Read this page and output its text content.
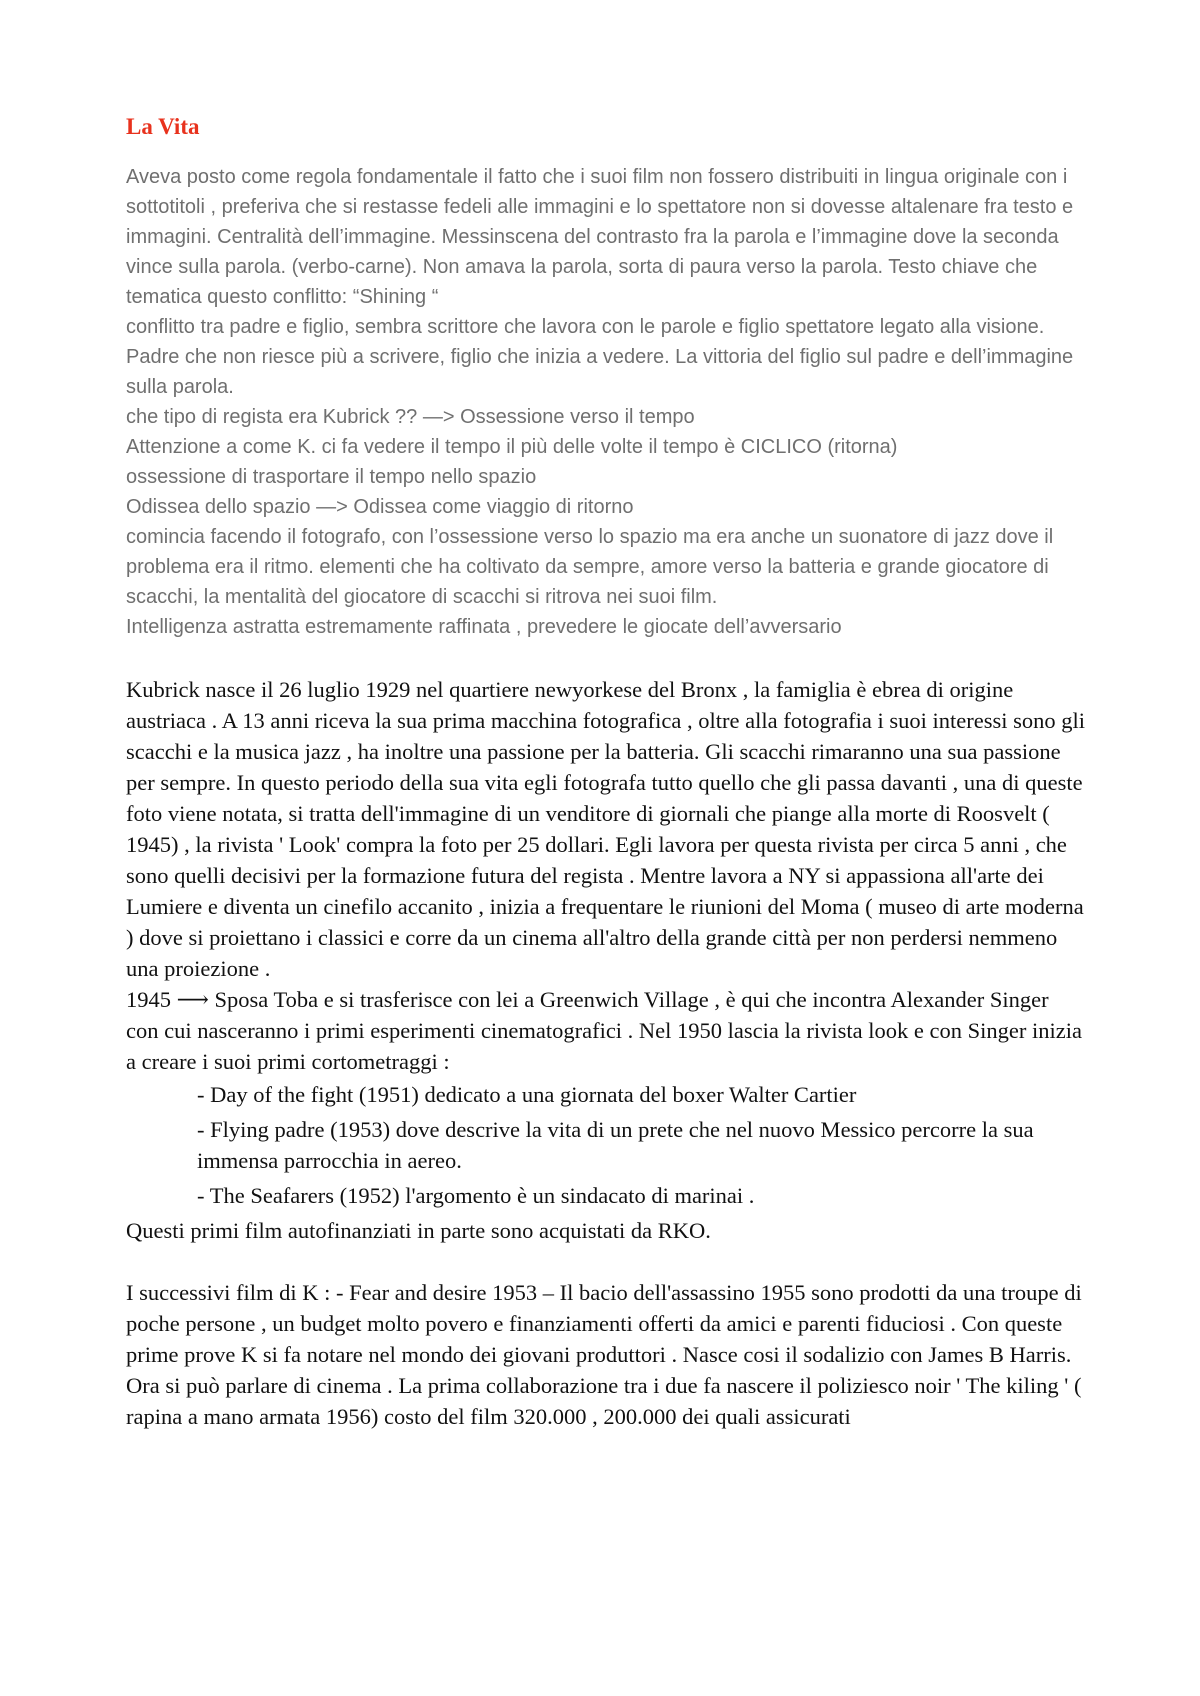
La Vita

Aveva posto come regola fondamentale il fatto che i suoi film non fossero distribuiti in lingua originale con i sottotitoli , preferiva che si restasse fedeli alle immagini e lo spettatore non si dovesse altalenare fra testo e immagini. Centralità dell’immagine. Messinscena del contrasto fra la parola e l’immagine dove la seconda vince sulla parola. (verbo-carne). Non amava la parola, sorta di paura verso la parola. Testo chiave che tematica questo conflitto: “Shining “

conflitto tra padre e figlio, sembra scrittore che lavora con le parole e figlio spettatore legato alla visione. Padre che non riesce più a scrivere, figlio che inizia a vedere. La vittoria del figlio sul padre e dell’immagine sulla parola.

che tipo di regista era Kubrick ?? —> Ossessione verso il tempo

Attenzione a come K. ci fa vedere il tempo il più delle volte il tempo è CICLICO (ritorna)

ossessione di trasportare il tempo nello spazio

Odissea dello spazio —> Odissea come viaggio di ritorno

comincia facendo il fotografo, con l’ossessione verso lo spazio ma era anche un suonatore di jazz dove il problema era il ritmo. elementi che ha coltivato da sempre, amore verso la batteria e grande giocatore di scacchi, la mentalità del giocatore di scacchi si ritrova nei suoi film.

Intelligenza astratta estremamente raffinata , prevedere le giocate dell’avversario

Kubrick nasce il 26 luglio 1929 nel quartiere newyorkese del Bronx , la famiglia è ebrea di origine austriaca . A 13 anni riceva la sua prima macchina fotografica , oltre alla fotografia i suoi interessi sono gli scacchi e la musica jazz , ha inoltre una passione per la batteria. Gli scacchi rimaranno una sua passione per sempre. In questo periodo della sua vita egli fotografa tutto quello che gli passa davanti , una di queste foto viene notata, si tratta dell'immagine di un venditore di giornali che piange alla morte di Roosvelt ( 1945) , la rivista ' Look' compra la foto per 25 dollari. Egli lavora per questa rivista per circa 5 anni , che sono quelli decisivi per la formazione futura del regista . Mentre lavora a NY si appassiona all'arte dei Lumiere e diventa un cinefilo accanito , inizia a frequentare le riunioni del Moma ( museo di arte moderna ) dove si proiettano i classici e corre da un cinema all'altro della grande città per non perdersi nemmeno una proiezione .

1945 ⟶ Sposa Toba e si trasferisce con lei a Greenwich Village , è qui che incontra Alexander Singer con cui nasceranno i primi esperimenti cinematografici . Nel 1950 lascia la rivista look e con Singer inizia a creare i suoi primi cortometraggi :

- Day of the fight (1951) dedicato a una giornata del boxer Walter Cartier
- Flying padre (1953) dove descrive la vita di un prete che nel nuovo Messico percorre la sua immensa parrocchia in aereo.
- The Seafarers (1952) l'argomento è un sindacato di marinai .

Questi primi film autofinanziati in parte sono acquistati da RKO.

I successivi film di K : - Fear and desire 1953 – Il bacio dell'assassino 1955 sono prodotti da una troupe di poche persone , un budget molto povero e finanziamenti offerti da amici e parenti fiduciosi . Con queste prime prove K si fa notare nel mondo dei giovani produttori . Nasce cosi il sodalizio con James B Harris. Ora si può parlare di cinema . La prima collaborazione tra i due fa nascere il poliziesco noir ' The kiling ' ( rapina a mano armata 1956) costo del film 320.000 , 200.000 dei quali assicurati
